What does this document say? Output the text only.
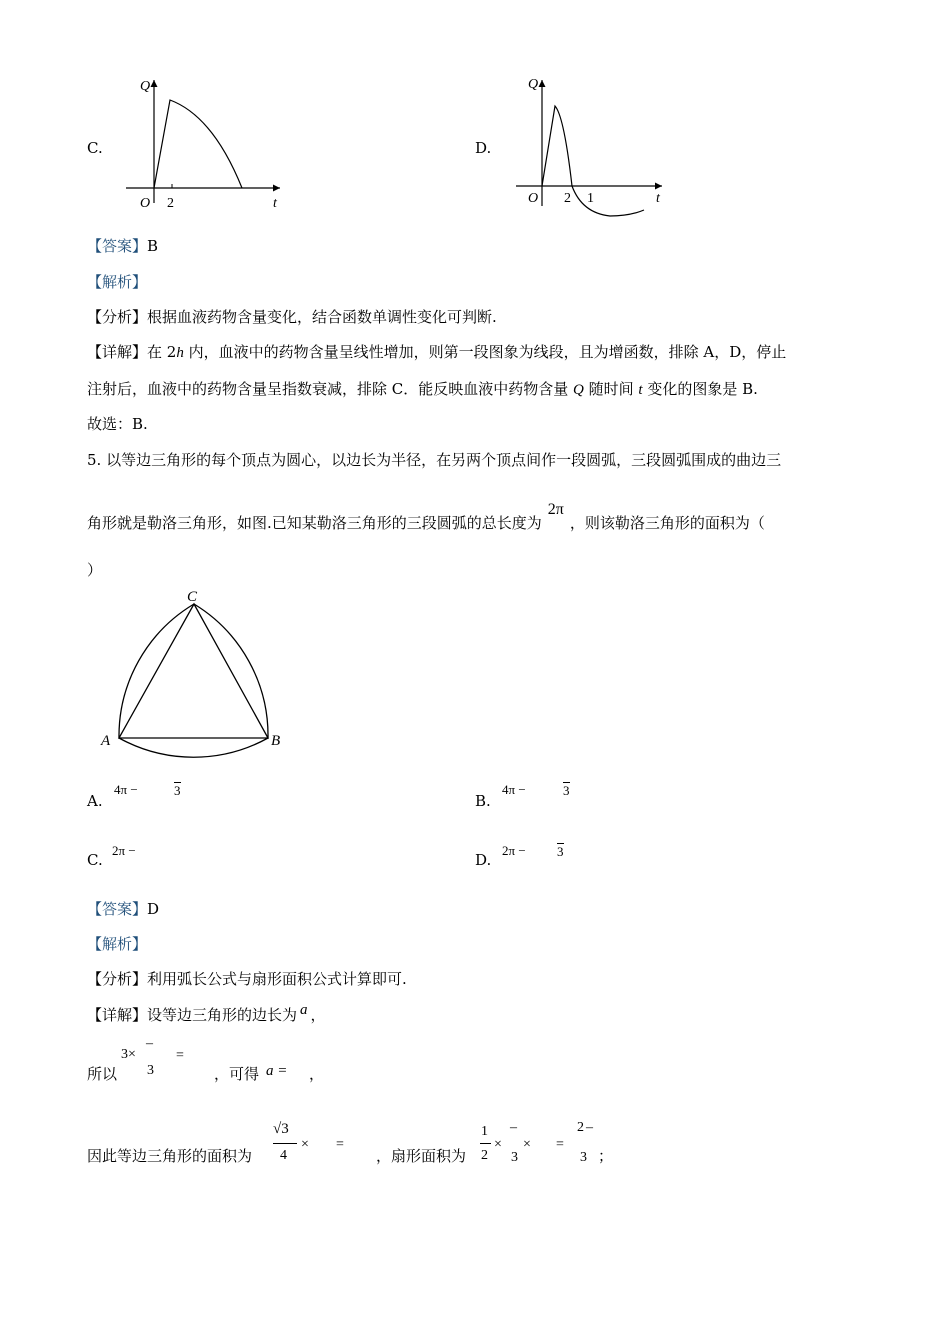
C.
Q
t
O 2
D.
Q
t
O 2 1
【答案】B
【解析】
【分析】根据血液药物含量变化，结合函数单调性变化可判断.
【详解】在 2h 内，血液中的药物含量呈线性增加，则第一段图象为线段，且为增函数，排除 A，D，停止
注射后，血液中的药物含量呈指数衰减，排除 C．能反映血液中药物含量 Q 随时间 t 变化的图象是 B.
故选：B.
5. 以等边三角形的每个顶点为圆心，以边长为半径，在另两个顶点间作一段圆弧，三段圆弧围成的曲边三
角形就是勒洛三角形，如图.已知某勒洛三角形的三段圆弧的总长度为2π，则该勒洛三角形的面积为（
）
C
A	B
A.
4π −	3
B.
4π −	3
C.
2π −
D.
2π − 3
【答案】D
【解析】
【分析】利用弧长公式与扇形面积公式计算即可.
【详解】设等边三角形的边长为 a ，
所以
3×
–
3
=
，可得 a = ，
因此等边三角形的面积为
√3
4
× =
，扇形面积为
1
2
×
–
3
× =
2 –
3 ；
